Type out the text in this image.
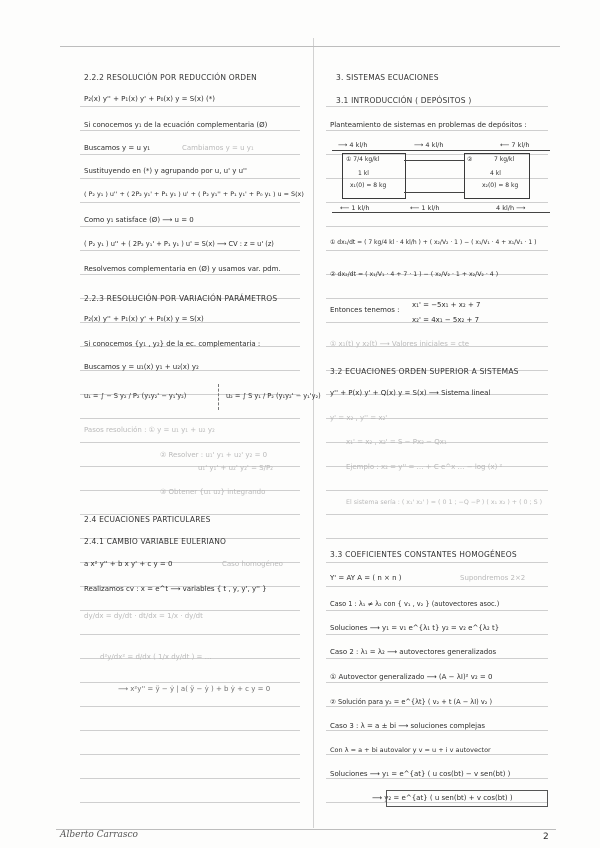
2.2.2 RESOLUCIÓN POR REDUCCIÓN ORDEN
P₂(x) y'' + P₁(x) y' + P₀(x) y = S(x) (*)
Si conocemos y₁ de la ecuación complementaria (Ø)
Buscamos y = u y₁	Cambiamos y = u y₁
Sustituyendo en (*) y agrupando por u, u' y u''
( P₂ y₁ ) u'' + ( 2P₂ y₁' + P₁ y₁ ) u' + ( P₂ y₁'' + P₁ y₁' + P₀ y₁ ) u = S(x)
Como y₁ satisface (Ø) ⟶ u = 0
( P₂ y₁ ) u'' + ( 2P₂ y₁' + P₁ y₁ ) u' = S(x) ⟶ CV : z = u' (z)
Resolvemos complementaria en (Ø) y usamos var. pdm.
2.2.3 RESOLUCIÓN POR VARIACIÓN PARÁMETROS
P₂(x) y'' + P₁(x) y' + P₀(x) y = S(x)
Si conocemos {y₁ , y₂} de la ec. complementaria :
Buscamos y = u₁(x) y₁ + u₂(x) y₂
u₁ = ∫ − S y₂ / P₂ (y₁y₂' − y₁'y₂)	u₂ = ∫ S y₁ / P₂ (y₁y₂' − y₁'y₂)
Pasos resolución : ① y = u₁ y₁ + u₂ y₂
② Resolver : u₁' y₁ + u₂' y₂ = 0
u₁' y₁' + u₂' y₂' = S/P₂
③ Obtener {u₁ u₂} integrando
2.4 ECUACIONES PARTICULARES
2.4.1 CAMBIO VARIABLE EULERIANO
a x² y'' + b x y' + c y = 0	Caso homogéneo
Realizamos cv : x = e^t ⟶ variables { t , y, y', y'' }
dy/dx = dy/dt · dt/dx = 1/x · dy/dt
d²y/dx² = d/dx ( 1/x dy/dt ) = …
⟶ x²y'' = ÿ − ẏ | a( ÿ − ẏ ) + b ẏ + c y = 0
3. SISTEMAS ECUACIONES
3.1 INTRODUCCIÓN ( DEPÓSITOS )
Planteamiento de sistemas en problemas de depósitos :
⟶ 4 kl/h	⟶ 4 kl/h	⟵ 7 kl/h
① 7/4 kg/kl
1 kl
x₁(0) = 8 kg
②	7 kg/kl
4 kl
x₂(0) = 8 kg
⟵ 1 kl/h	⟵ 1 kl/h	4 kl/h ⟶
① dx₁/dt = ( 7 kg/4 kl · 4 kl/h ) + ( x₂/V₂ · 1 ) − ( x₁/V₁ · 4 + x₁/V₁ · 1 )
② dx₂/dt = ( x₁/V₁ · 4 + 7 · 1 ) − ( x₂/V₂ · 1 + x₂/V₂ · 4 )
Entonces tenemos :
x₁' = −5x₁ + x₂ + 7
x₂' = 4x₁ − 5x₂ + 7
① x₁(t) y x₂(t) ⟶ Valores iniciales = cte
3.2 ECUACIONES ORDEN SUPERIOR A SISTEMAS
y'' + P(x) y' + Q(x) y = S(x) ⟶ Sistema lineal
y' = x₂ , y'' = x₂'
x₁' = x₂ , x₂' = S − Px₂ − Qx₁
Ejemplo : x₂ = y'' = … + C e^x … − log (x) ²
El sistema sería : ( x₁' x₂' ) = ( 0 1 ; −Q −P ) ( x₁ x₂ ) + ( 0 ; S )
3.3 COEFICIENTES CONSTANTES HOMOGÉNEOS
Y' = AY A = ( n × n )	Supondremos 2×2
Caso 1 : λ₁ ≠ λ₂ con { v₁ , v₂ } (autovectores asoc.)
Soluciones ⟶ y₁ = v₁ e^{λ₁ t} y₂ = v₂ e^{λ₂ t}
Caso 2 : λ₁ = λ₂ ⟶ autovectores generalizados
① Autovector generalizado ⟶ (A − λI)² v₂ = 0
② Solución para y₂ = e^{λt} ( v₂ + t (A − λI) v₂ )
Caso 3 : λ = a ± bi ⟶ soluciones complejas
Con λ = a + bi autovalor y v = u + i v autovector
Soluciones ⟶ y₁ = e^{at} ( u cos(bt) − v sen(bt) )
⟶ y₂ = e^{at} ( u sen(bt) + v cos(bt) )
Alberto Carrasco	2
